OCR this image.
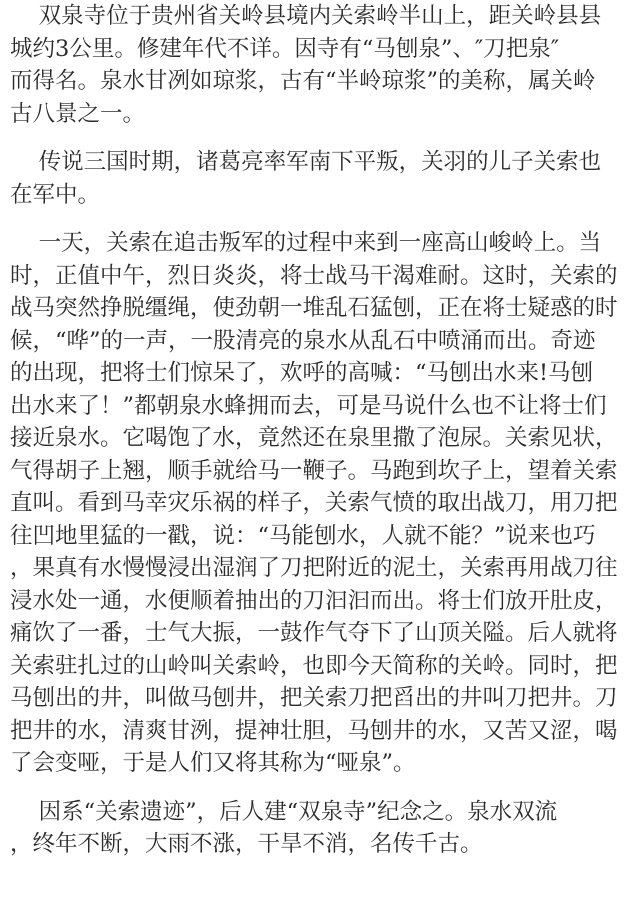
双泉寺位于贵州省关岭县境内关索岭半山上，距关岭县县
城约3公里。修建年代不详。因寺有“马刨泉”、″刀把泉″
而得名。泉水甘冽如琼浆，古有“半岭琼浆”的美称，属关岭
古八景之一。
传说三国时期，诸葛亮率军南下平叛，关羽的儿子关索也
在军中。
一天，关索在追击叛军的过程中来到一座高山峻岭上。当
时，正值中午，烈日炎炎，将士战马干渴难耐。这时，关索的
战马突然挣脱缰绳，使劲朝一堆乱石猛刨，正在将士疑惑的时
候，“哗”的一声，一股清亮的泉水从乱石中喷涌而出。奇迹
的出现，把将士们惊呆了，欢呼的高喊：“马刨出水来!马刨
出水来了！”都朝泉水蜂拥而去，可是马说什么也不让将士们
接近泉水。它喝饱了水，竟然还在泉里撒了泡尿。关索见状，
气得胡子上翘，顺手就给马一鞭子。马跑到坎子上，望着关索
直叫。看到马幸灾乐祸的样子，关索气愤的取出战刀，用刀把
往凹地里猛的一戳，说：“马能刨水，人就不能？”说来也巧
，果真有水慢慢浸出湿润了刀把附近的泥土，关索再用战刀往
浸水处一通，水便顺着抽出的刀汩汩而出。将士们放开肚皮，
痛饮了一番，士气大振，一鼓作气夺下了山顶关隘。后人就将
关索驻扎过的山岭叫关索岭，也即今天简称的关岭。同时，把
马刨出的井，叫做马刨井，把关索刀把舀出的井叫刀把井。刀
把井的水，清爽甘洌，提神壮胆，马刨井的水，又苦又涩，喝
了会变哑，于是人们又将其称为“哑泉”。
因系“关索遗迹”，后人建“双泉寺”纪念之。泉水双流
，终年不断，大雨不涨，干旱不消，名传千古。
